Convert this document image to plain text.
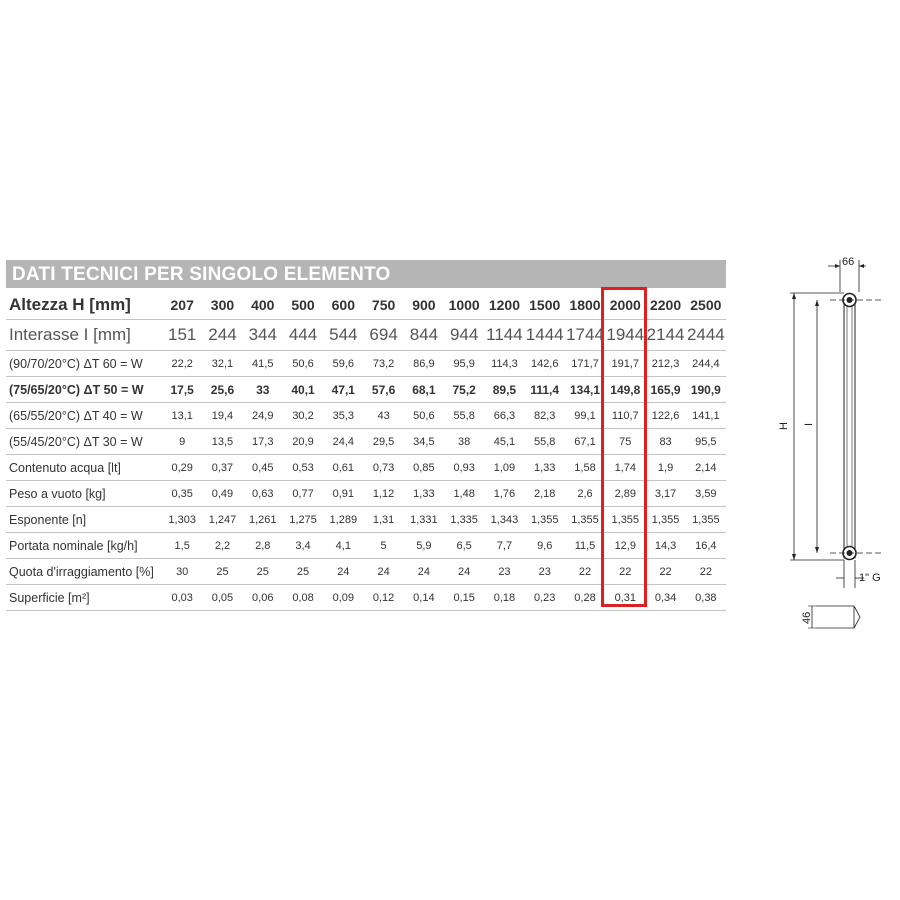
DATI TECNICI PER SINGOLO ELEMENTO
Altezza H [mm]	207	300	400	500	600	750	900	1000	1200	1500	1800	2000	2200	2500
Interasse I [mm]	151	244	344	444	544	694	844	944	1144	1444	1744	1944	2144	2444
(90/70/20°C) ΔT 60 = W	22,2	32,1	41,5	50,6	59,6	73,2	86,9	95,9	114,3	142,6	171,7	191,7	212,3	244,4
(75/65/20°C) ΔT 50 = W	17,5	25,6	33	40,1	47,1	57,6	68,1	75,2	89,5	111,4	134,1	149,8	165,9	190,9
(65/55/20°C) ΔT 40 = W	13,1	19,4	24,9	30,2	35,3	43	50,6	55,8	66,3	82,3	99,1	110,7	122,6	141,1
(55/45/20°C) ΔT 30 = W	9	13,5	17,3	20,9	24,4	29,5	34,5	38	45,1	55,8	67,1	75	83	95,5
Contenuto acqua [lt]	0,29	0,37	0,45	0,53	0,61	0,73	0,85	0,93	1,09	1,33	1,58	1,74	1,9	2,14
Peso a vuoto [kg]	0,35	0,49	0,63	0,77	0,91	1,12	1,33	1,48	1,76	2,18	2,6	2,89	3,17	3,59
Esponente [n]	1,303	1,247	1,261	1,275	1,289	1,31	1,331	1,335	1,343	1,355	1,355	1,355	1,355	1,355
Portata nominale [kg/h]	1,5	2,2	2,8	3,4	4,1	5	5,9	6,5	7,7	9,6	11,5	12,9	14,3	16,4
Quota d'irraggiamento [%]	30	25	25	25	24	24	24	24	23	23	22	22	22	22
Superficie [m²]	0,03	0,05	0,06	0,08	0,09	0,12	0,14	0,15	0,18	0,23	0,28	0,31	0,34	0,38
66
H I
1" G
46
